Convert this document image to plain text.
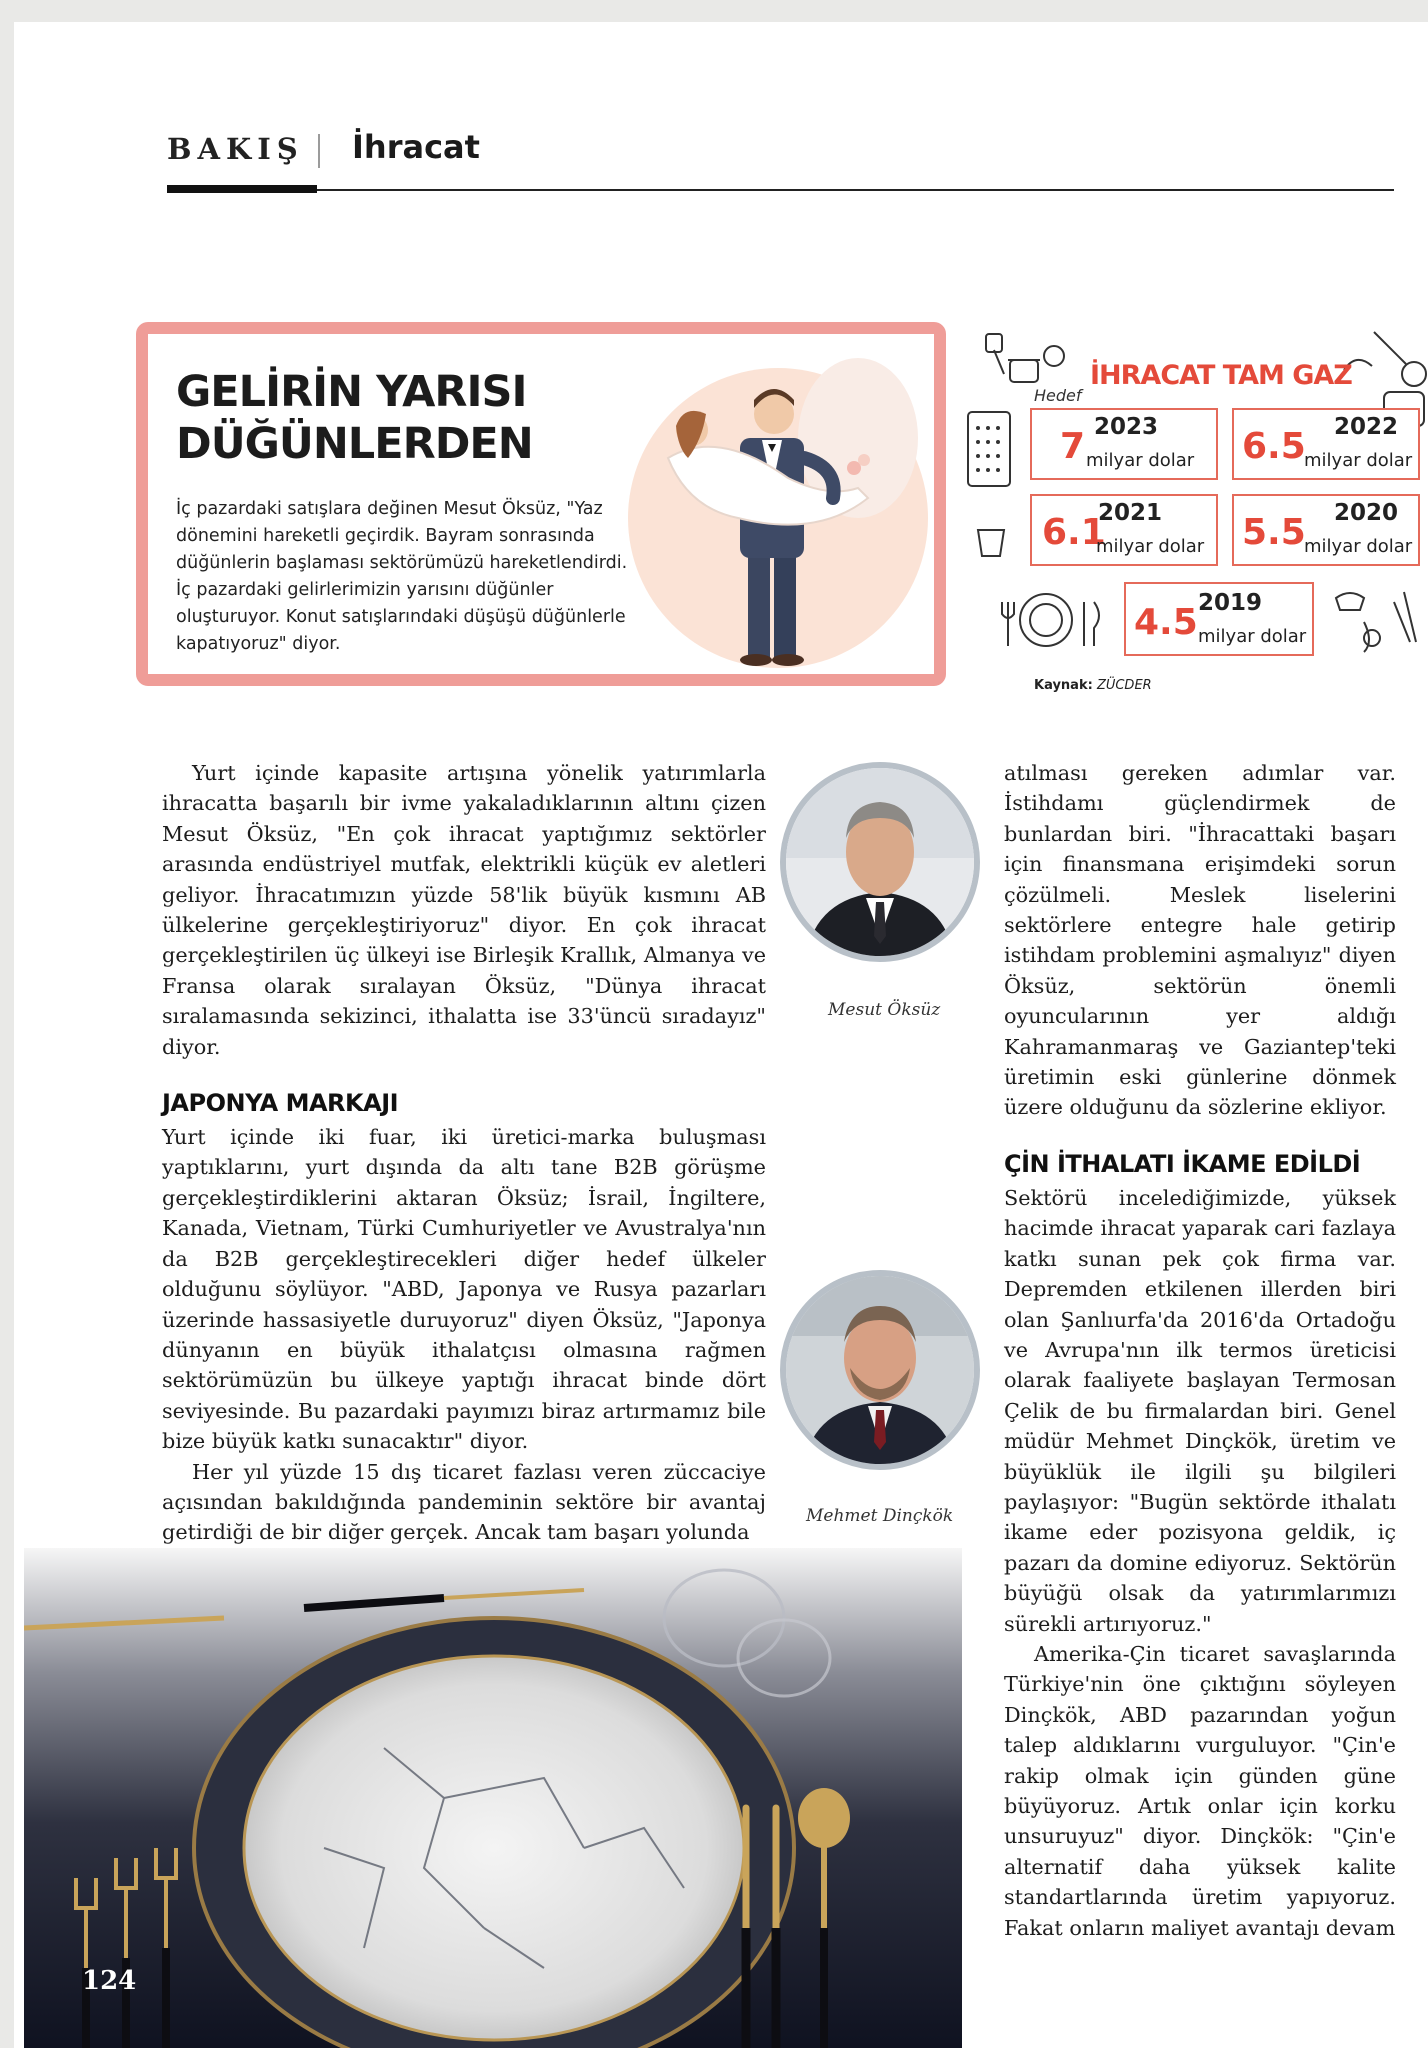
BAKIŞ İhracat
GELİRİN YARISI
DÜĞÜNLERDEN
İç pazardaki satışlara değinen Mesut Öksüz, "Yaz dönemini hareketli geçirdik. Bayram sonrasında düğünlerin başlaması sektörümüzü hareketlendirdi. İç pazardaki gelirlerimizin yarısını düğünler oluşturuyor. Konut satışlarındaki düşüşü düğünlerle kapatıyoruz" diyor.
İHRACAT TAM GAZ
Hedef
2023
7 milyar dolar
2022
6.5
milyar dolar
2021
6.1
milyar dolar
2020
5.5
milyar dolar
2019
4.5 milyar dolar
Kaynak: ZÜCDER

Yurt içinde kapasite artışına yönelik yatırımlarla ihracatta başarılı bir ivme yakaladıklarının altını çizen Mesut Öksüz, "En çok ihracat yaptığımız sektörler arasında endüstriyel mutfak, elektrikli küçük ev aletleri geliyor. İhracatımızın yüzde 58'lik büyük kısmını AB ülkelerine gerçekleştiriyoruz" diyor. En çok ihracat gerçekleştirilen üç ülkeyi ise Birleşik Krallık, Almanya ve Fransa olarak sıralayan Öksüz, "Dünya ihracat sıralamasında sekizinci, ithalatta ise 33'üncü sıradayız" diyor.

JAPONYA MARKAJI

Yurt içinde iki fuar, iki üretici-marka buluşması yaptıklarını, yurt dışında da altı tane B2B görüşme gerçekleştirdiklerini aktaran Öksüz; İsrail, İngiltere, Kanada, Vietnam, Türki Cumhuriyetler ve Avustralya'nın da B2B gerçekleştirecekleri diğer hedef ülkeler olduğunu söylüyor. "ABD, Japonya ve Rusya pazarları üzerinde hassasiyetle duruyoruz" diyen Öksüz, "Japonya dünyanın en büyük ithalatçısı olmasına rağmen sektörümüzün bu ülkeye yaptığı ihracat binde dört seviyesinde. Bu pazardaki payımızı biraz artırmamız bile bize büyük katkı sunacaktır" diyor.

Her yıl yüzde 15 dış ticaret fazlası veren züccaciye açısından bakıldığında pandeminin sektöre bir avantaj getirdiği de bir diğer gerçek. Ancak tam başarı yolunda

Mesut Öksüz
Mehmet Dinçkök

atılması gereken adımlar var. İstihdamı güçlendirmek de bunlardan biri. "İhracattaki başarı için finansmana erişimdeki sorun çözülmeli. Meslek liselerini sektörlere entegre hale getirip istihdam problemini aşmalıyız" diyen Öksüz, sektörün önemli oyuncularının yer aldığı Kahramanmaraş ve Gaziantep'teki üretimin eski günlerine dönmek üzere olduğunu da sözlerine ekliyor.

ÇİN İTHALATI İKAME EDİLDİ

Sektörü incelediğimizde, yüksek hacimde ihracat yaparak cari fazlaya katkı sunan pek çok firma var. Depremden etkilenen illerden biri olan Şanlıurfa'da 2016'da Ortadoğu ve Avrupa'nın ilk termos üreticisi olarak faaliyete başlayan Termosan Çelik de bu firmalardan biri. Genel müdür Mehmet Dinçkök, üretim ve büyüklük ile ilgili şu bilgileri paylaşıyor: "Bugün sektörde ithalatı ikame eder pozisyona geldik, iç pazarı da domine ediyoruz. Sektörün büyüğü olsak da yatırımlarımızı sürekli artırıyoruz."

Amerika-Çin ticaret savaşlarında Türkiye'nin öne çıktığını söyleyen Dinçkök, ABD pazarından yoğun talep aldıklarını vurguluyor. "Çin'e rakip olmak için günden güne büyüyoruz. Artık onlar için korku unsuruyuz" diyor. Dinçkök: "Çin'e alternatif daha yüksek kalite standartlarında üretim yapıyoruz. Fakat onların maliyet avantajı devam

124
